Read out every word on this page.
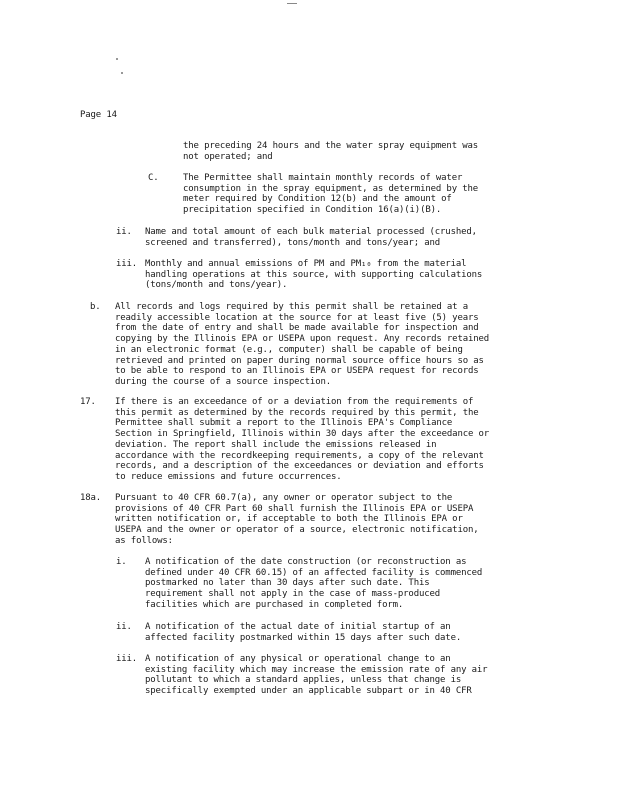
Page 14
the preceding 24 hours and the water spray equipment was
not operated; and
C.	The Permittee shall maintain monthly records of water
consumption in the spray equipment, as determined by the
meter required by Condition 12(b) and the amount of
precipitation specified in Condition 16(a)(i)(B).
ii. Name and total amount of each bulk material processed (crushed,
screened and transferred), tons/month and tons/year; and
iii. Monthly and annual emissions of PM and PM₁₀ from the material
handling operations at this source, with supporting calculations
(tons/month and tons/year).
b. All records and logs required by this permit shall be retained at a
readily accessible location at the source for at least five (5) years
from the date of entry and shall be made available for inspection and
copying by the Illinois EPA or USEPA upon request. Any records retained
in an electronic format (e.g., computer) shall be capable of being
retrieved and printed on paper during normal source office hours so as
to be able to respond to an Illinois EPA or USEPA request for records
during the course of a source inspection.
17. If there is an exceedance of or a deviation from the requirements of
this permit as determined by the records required by this permit, the
Permittee shall submit a report to the Illinois EPA's Compliance
Section in Springfield, Illinois within 30 days after the exceedance or
deviation. The report shall include the emissions released in
accordance with the recordkeeping requirements, a copy of the relevant
records, and a description of the exceedances or deviation and efforts
to reduce emissions and future occurrences.
18a. Pursuant to 40 CFR 60.7(a), any owner or operator subject to the
provisions of 40 CFR Part 60 shall furnish the Illinois EPA or USEPA
written notification or, if acceptable to both the Illinois EPA or
USEPA and the owner or operator of a source, electronic notification,
as follows:
i. A notification of the date construction (or reconstruction as
defined under 40 CFR 60.15) of an affected facility is commenced
postmarked no later than 30 days after such date. This
requirement shall not apply in the case of mass-produced
facilities which are purchased in completed form.
ii. A notification of the actual date of initial startup of an
affected facility postmarked within 15 days after such date.
iii. A notification of any physical or operational change to an
existing facility which may increase the emission rate of any air
pollutant to which a standard applies, unless that change is
specifically exempted under an applicable subpart or in 40 CFR
